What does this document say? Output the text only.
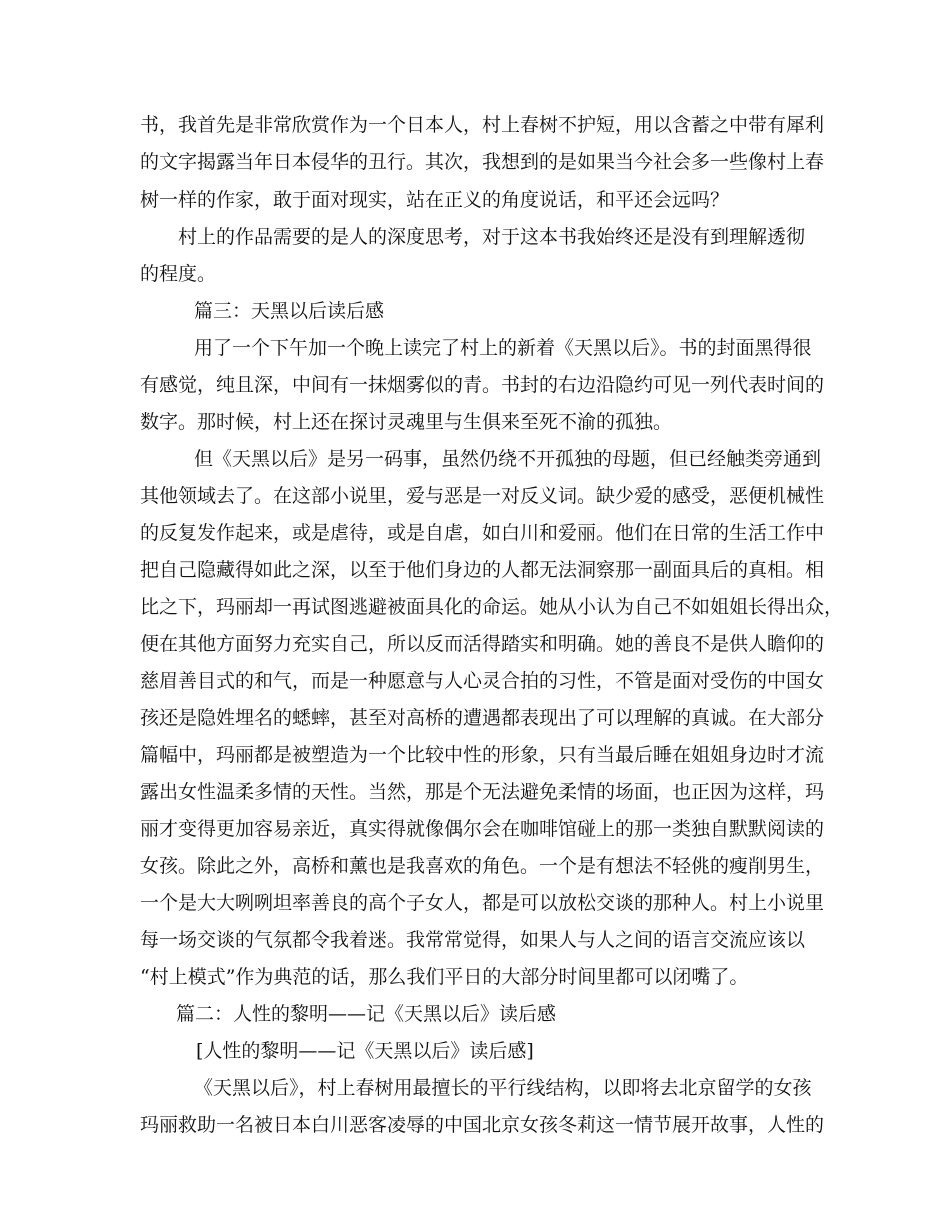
书，我首先是非常欣赏作为一个日本人，村上春树不护短，用以含蓄之中带有犀利
的文字揭露当年日本侵华的丑行。其次，我想到的是如果当今社会多一些像村上春
树一样的作家，敢于面对现实，站在正义的角度说话，和平还会远吗？
村上的作品需要的是人的深度思考，对于这本书我始终还是没有到理解透彻
的程度。
篇三：天黑以后读后感
用了一个下午加一个晚上读完了村上的新着《天黑以后》。书的封面黑得很
有感觉，纯且深，中间有一抹烟雾似的青。书封的右边沿隐约可见一列代表时间的
数字。那时候，村上还在探讨灵魂里与生俱来至死不渝的孤独。
但《天黑以后》是另一码事，虽然仍绕不开孤独的母题，但已经触类旁通到
其他领域去了。在这部小说里，爱与恶是一对反义词。缺少爱的感受，恶便机械性
的反复发作起来，或是虐待，或是自虐，如白川和爱丽。他们在日常的生活工作中
把自己隐藏得如此之深，以至于他们身边的人都无法洞察那一副面具后的真相。相
比之下，玛丽却一再试图逃避被面具化的命运。她从小认为自己不如姐姐长得出众，
便在其他方面努力充实自己，所以反而活得踏实和明确。她的善良不是供人瞻仰的
慈眉善目式的和气，而是一种愿意与人心灵合拍的习性，不管是面对受伤的中国女
孩还是隐姓埋名的蟋蟀，甚至对高桥的遭遇都表现出了可以理解的真诚。在大部分
篇幅中，玛丽都是被塑造为一个比较中性的形象，只有当最后睡在姐姐身边时才流
露出女性温柔多情的天性。当然，那是个无法避免柔情的场面，也正因为这样，玛
丽才变得更加容易亲近，真实得就像偶尔会在咖啡馆碰上的那一类独自默默阅读的
女孩。除此之外，高桥和薰也是我喜欢的角色。一个是有想法不轻佻的瘦削男生，
一个是大大咧咧坦率善良的高个子女人，都是可以放松交谈的那种人。村上小说里
每一场交谈的气氛都令我着迷。我常常觉得，如果人与人之间的语言交流应该以
“村上模式”作为典范的话，那么我们平日的大部分时间里都可以闭嘴了。
篇二：人性的黎明——记《天黑以后》读后感
[人性的黎明——记《天黑以后》读后感]
《天黑以后》，村上春树用最擅长的平行线结构，以即将去北京留学的女孩
玛丽救助一名被日本白川恶客凌辱的中国北京女孩冬莉这一情节展开故事，人性的
